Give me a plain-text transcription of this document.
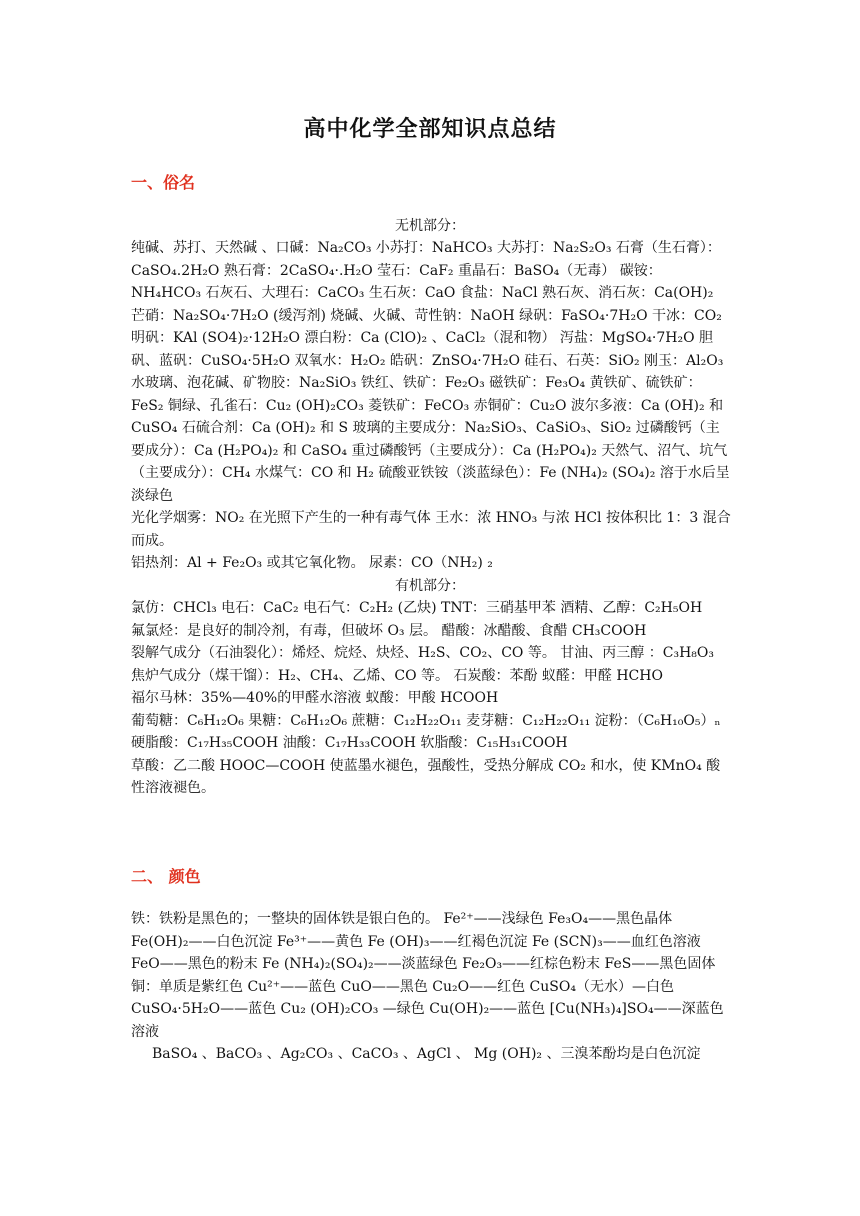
高中化学全部知识点总结
一、俗名
无机部分：

纯碱、苏打、天然碱 、口碱：Na₂CO₃ 小苏打：NaHCO₃ 大苏打：Na₂S₂O₃ 石膏（生石膏）：CaSO₄.2H₂O 熟石膏：2CaSO₄·.H₂O 莹石：CaF₂ 重晶石：BaSO₄（无毒） 碳铵：NH₄HCO₃ 石灰石、大理石：CaCO₃ 生石灰：CaO 食盐：NaCl 熟石灰、消石灰：Ca(OH)₂ 芒硝：Na₂SO₄·7H₂O (缓泻剂) 烧碱、火碱、苛性钠：NaOH 绿矾：FaSO₄·7H₂O 干冰：CO₂ 明矾：KAl (SO4)₂·12H₂O 漂白粉：Ca (ClO)₂ 、CaCl₂（混和物） 泻盐：MgSO₄·7H₂O 胆矾、蓝矾：CuSO₄·5H₂O 双氧水：H₂O₂ 皓矾：ZnSO₄·7H₂O 硅石、石英：SiO₂ 刚玉：Al₂O₃ 水玻璃、泡花碱、矿物胶：Na₂SiO₃ 铁红、铁矿：Fe₂O₃ 磁铁矿：Fe₃O₄ 黄铁矿、硫铁矿：FeS₂ 铜绿、孔雀石：Cu₂ (OH)₂CO₃ 菱铁矿：FeCO₃ 赤铜矿：Cu₂O 波尔多液：Ca (OH)₂ 和 CuSO₄ 石硫合剂：Ca (OH)₂ 和 S 玻璃的主要成分：Na₂SiO₃、CaSiO₃、SiO₂ 过磷酸钙（主要成分）：Ca (H₂PO₄)₂ 和 CaSO₄ 重过磷酸钙（主要成分）：Ca (H₂PO₄)₂ 天然气、沼气、坑气（主要成分）：CH₄ 水煤气：CO 和 H₂ 硫酸亚铁铵（淡蓝绿色）：Fe (NH₄)₂ (SO₄)₂ 溶于水后呈淡绿色

光化学烟雾：NO₂ 在光照下产生的一种有毒气体 王水：浓 HNO₃ 与浓 HCl 按体积比 1：3 混合而成。

铝热剂：Al + Fe₂O₃ 或其它氧化物。 尿素：CO（NH₂) ₂

有机部分：

氯仿：CHCl₃ 电石：CaC₂ 电石气：C₂H₂ (乙炔) TNT：三硝基甲苯 酒精、乙醇：C₂H₅OH

氟氯烃：是良好的制冷剂，有毒，但破坏 O₃ 层。 醋酸：冰醋酸、食醋 CH₃COOH

裂解气成分（石油裂化）：烯烃、烷烃、炔烃、H₂S、CO₂、CO 等。 甘油、丙三醇 ：C₃H₈O₃

焦炉气成分（煤干馏）：H₂、CH₄、乙烯、CO 等。 石炭酸：苯酚 蚁醛：甲醛 HCHO

福尔马林：35%—40%的甲醛水溶液 蚁酸：甲酸 HCOOH

葡萄糖：C₆H₁₂O₆ 果糖：C₆H₁₂O₆ 蔗糖：C₁₂H₂₂O₁₁ 麦芽糖：C₁₂H₂₂O₁₁ 淀粉：（C₆H₁₀O₅）ₙ

硬脂酸：C₁₇H₃₅COOH 油酸：C₁₇H₃₃COOH 软脂酸：C₁₅H₃₁COOH

草酸：乙二酸 HOOC—COOH 使蓝墨水褪色，强酸性，受热分解成 CO₂ 和水，使 KMnO₄ 酸性溶液褪色。

二、 颜色

铁：铁粉是黑色的；一整块的固体铁是银白色的。 Fe²⁺——浅绿色 Fe₃O₄——黑色晶体

Fe(OH)₂——白色沉淀 Fe³⁺——黄色 Fe (OH)₃——红褐色沉淀 Fe (SCN)₃——血红色溶液

FeO——黑色的粉末 Fe (NH₄)₂(SO₄)₂——淡蓝绿色 Fe₂O₃——红棕色粉末 FeS——黑色固体

铜：单质是紫红色 Cu²⁺——蓝色 CuO——黑色 Cu₂O——红色 CuSO₄（无水）—白色 CuSO₄·5H₂O——蓝色 Cu₂ (OH)₂CO₃ —绿色 Cu(OH)₂——蓝色 [Cu(NH₃)₄]SO₄——深蓝色溶液

BaSO₄ 、BaCO₃ 、Ag₂CO₃ 、CaCO₃ 、AgCl 、 Mg (OH)₂ 、三溴苯酚均是白色沉淀
